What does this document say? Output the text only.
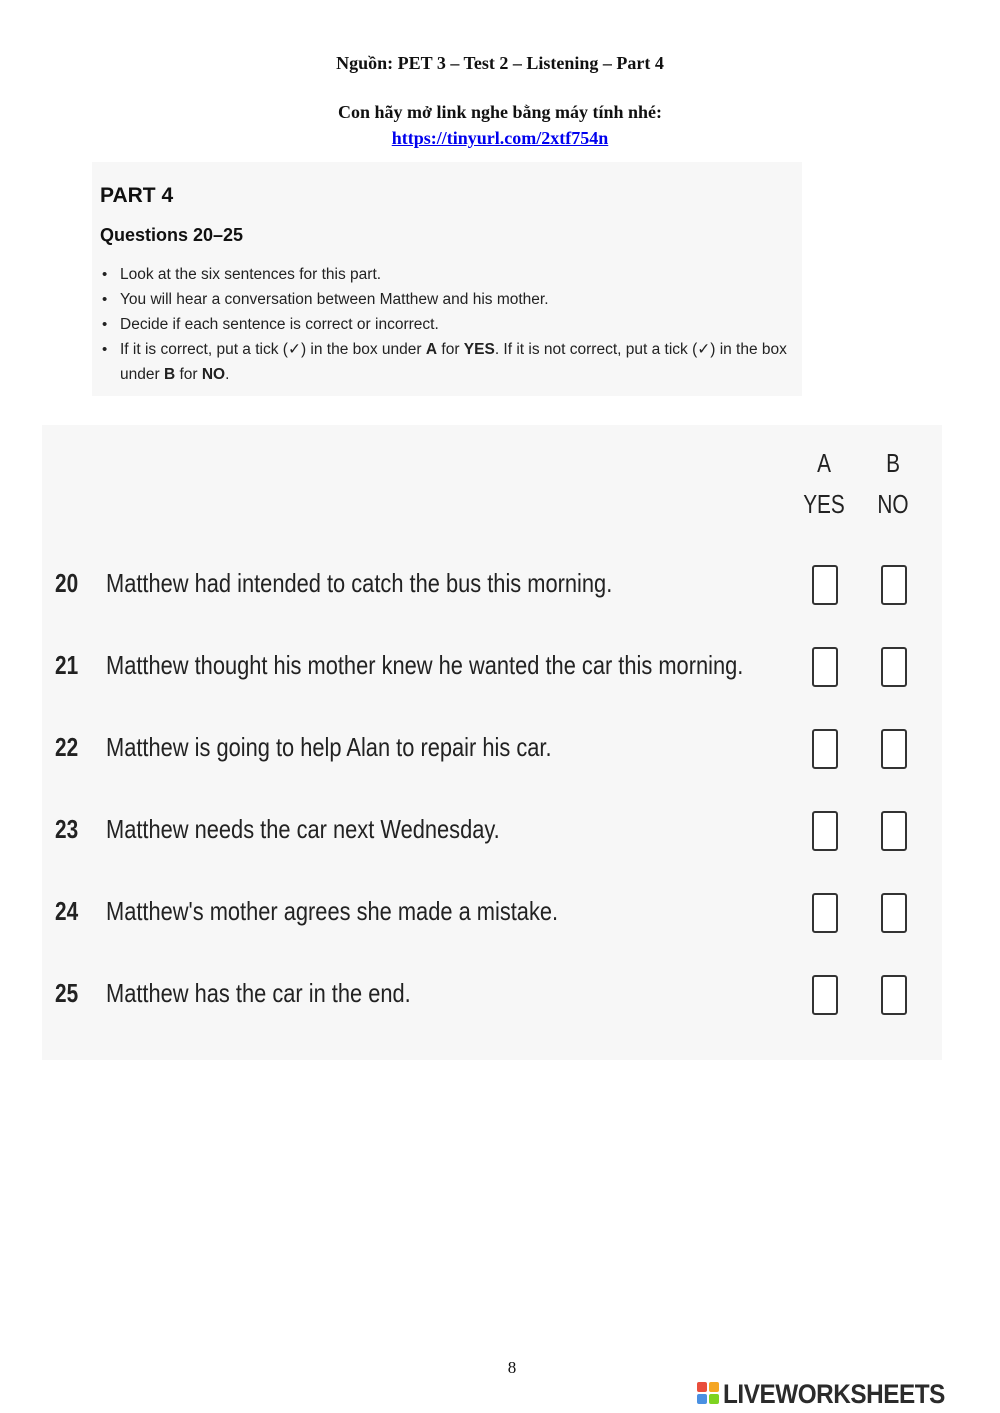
Nguồn: PET 3 – Test 2 – Listening – Part 4
Con hãy mở link nghe bằng máy tính nhé:
https://tinyurl.com/2xtf754n
PART 4
Questions 20–25
• Look at the six sentences for this part.
• You will hear a conversation between Matthew and his mother.
• Decide if each sentence is correct or incorrect.
• If it is correct, put a tick (✓) in the box under A for YES. If it is not correct, put a tick (✓) in the box under B for NO.
A
YES
B
NO
20 Matthew had intended to catch the bus this morning.
21 Matthew thought his mother knew he wanted the car this morning.
22 Matthew is going to help Alan to repair his car.
23 Matthew needs the car next Wednesday.
24 Matthew's mother agrees she made a mistake.
25 Matthew has the car in the end.
8
LIVEWORKSHEETS
